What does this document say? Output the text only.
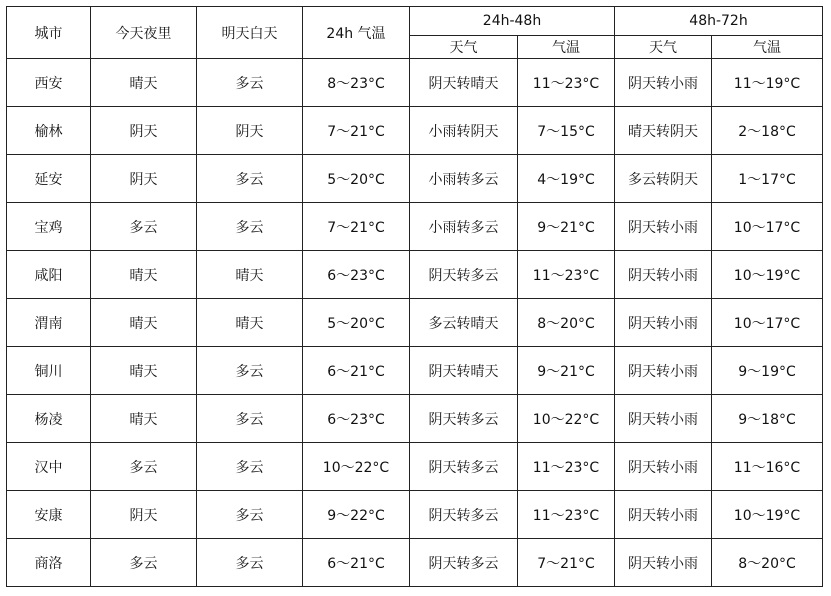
城市	今天夜里	明天白天	24h 气温	24h-48h		48h-72h	
				天气	气温	天气	气温
西安	晴天	多云	8～23°C	阴天转晴天	11～23°C	阴天转小雨	11～19°C
榆林	阴天	阴天	7～21°C	小雨转阴天	7～15°C	晴天转阴天	2～18°C
延安	阴天	多云	5～20°C	小雨转多云	4～19°C	多云转阴天	1～17°C
宝鸡	多云	多云	7～21°C	小雨转多云	9～21°C	阴天转小雨	10～17°C
咸阳	晴天	晴天	6～23°C	阴天转多云	11～23°C	阴天转小雨	10～19°C
渭南	晴天	晴天	5～20°C	多云转晴天	8～20°C	阴天转小雨	10～17°C
铜川	晴天	多云	6～21°C	阴天转晴天	9～21°C	阴天转小雨	9～19°C
杨凌	晴天	多云	6～23°C	阴天转多云	10～22°C	阴天转小雨	9～18°C
汉中	多云	多云	10～22°C	阴天转多云	11～23°C	阴天转小雨	11～16°C
安康	阴天	多云	9～22°C	阴天转多云	11～23°C	阴天转小雨	10～19°C
商洛	多云	多云	6～21°C	阴天转多云	7～21°C	阴天转小雨	8～20°C
